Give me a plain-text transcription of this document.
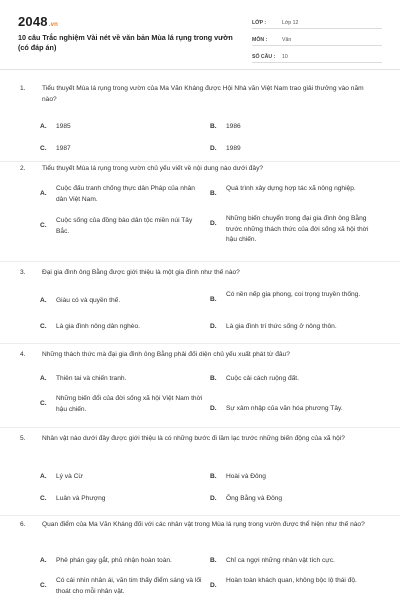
2048.vn
10 câu Trắc nghiệm Vài nét về văn bản Mùa lá rụng trong vườn (có đáp án)
LỚP :	Lớp 12
MÔN :	Văn
SỐ CÂU :	10
1.	Tiểu thuyết Mùa lá rụng trong vườn của Ma Văn Kháng được Hội Nhà văn Việt Nam trao giải thưởng vào năm nào?
A.	1985	B.	1986
C.	1987	D.	1989
2.	Tiểu thuyết Mùa lá rụng trong vườn chủ yếu viết về nội dung nào dưới đây?
A.
Cuộc đấu tranh chống thực dân Pháp của nhân dân Việt Nam.
B.
Quá trình xây dựng hợp tác xã nông nghiệp.
C.
Cuộc sống của đồng bào dân tộc miền núi Tây Bắc.
D.
Những biến chuyển trong đại gia đình ông Bằng trước những thách thức của đời sống xã hội thời hậu chiến.
3.	Đại gia đình ông Bằng được giới thiệu là một gia đình như thế nào?
A.	Giàu có và quyền thế.	B.
Có nền nếp gia phong, coi trọng truyền thống.
C.	Là gia đình nông dân nghèo.	D.	Là gia đình trí thức sống ở nông thôn.
4.	Những thách thức mà đại gia đình ông Bằng phải đối diện chủ yếu xuất phát từ đâu?
A.	Thiên tai và chiến tranh.	B.	Cuộc cải cách ruộng đất.
C.
Những biến đổi của đời sống xã hội Việt Nam thời hậu chiến.	D.	Sự xâm nhập của văn hóa phương Tây.
5.	Nhân vật nào dưới đây được giới thiệu là có những bước đi lầm lạc trước những biến động của xã hội?
A.	Lý và Cừ	B.	Hoài và Đông
C.	Luân và Phượng	D.	Ông Bằng và Đông
6.	Quan điểm của Ma Văn Kháng đối với các nhân vật trong Mùa lá rụng trong vườn được thể hiện như thế nào?
A.	Phê phán gay gắt, phủ nhận hoàn toàn.	B.	Chỉ ca ngợi những nhân vật tích cực.
C.
Có cái nhìn nhân ái, văn tim thấy điểm sáng và lối thoát cho mỗi nhân vật.
D.
Hoàn toàn khách quan, không bộc lộ thái độ.
